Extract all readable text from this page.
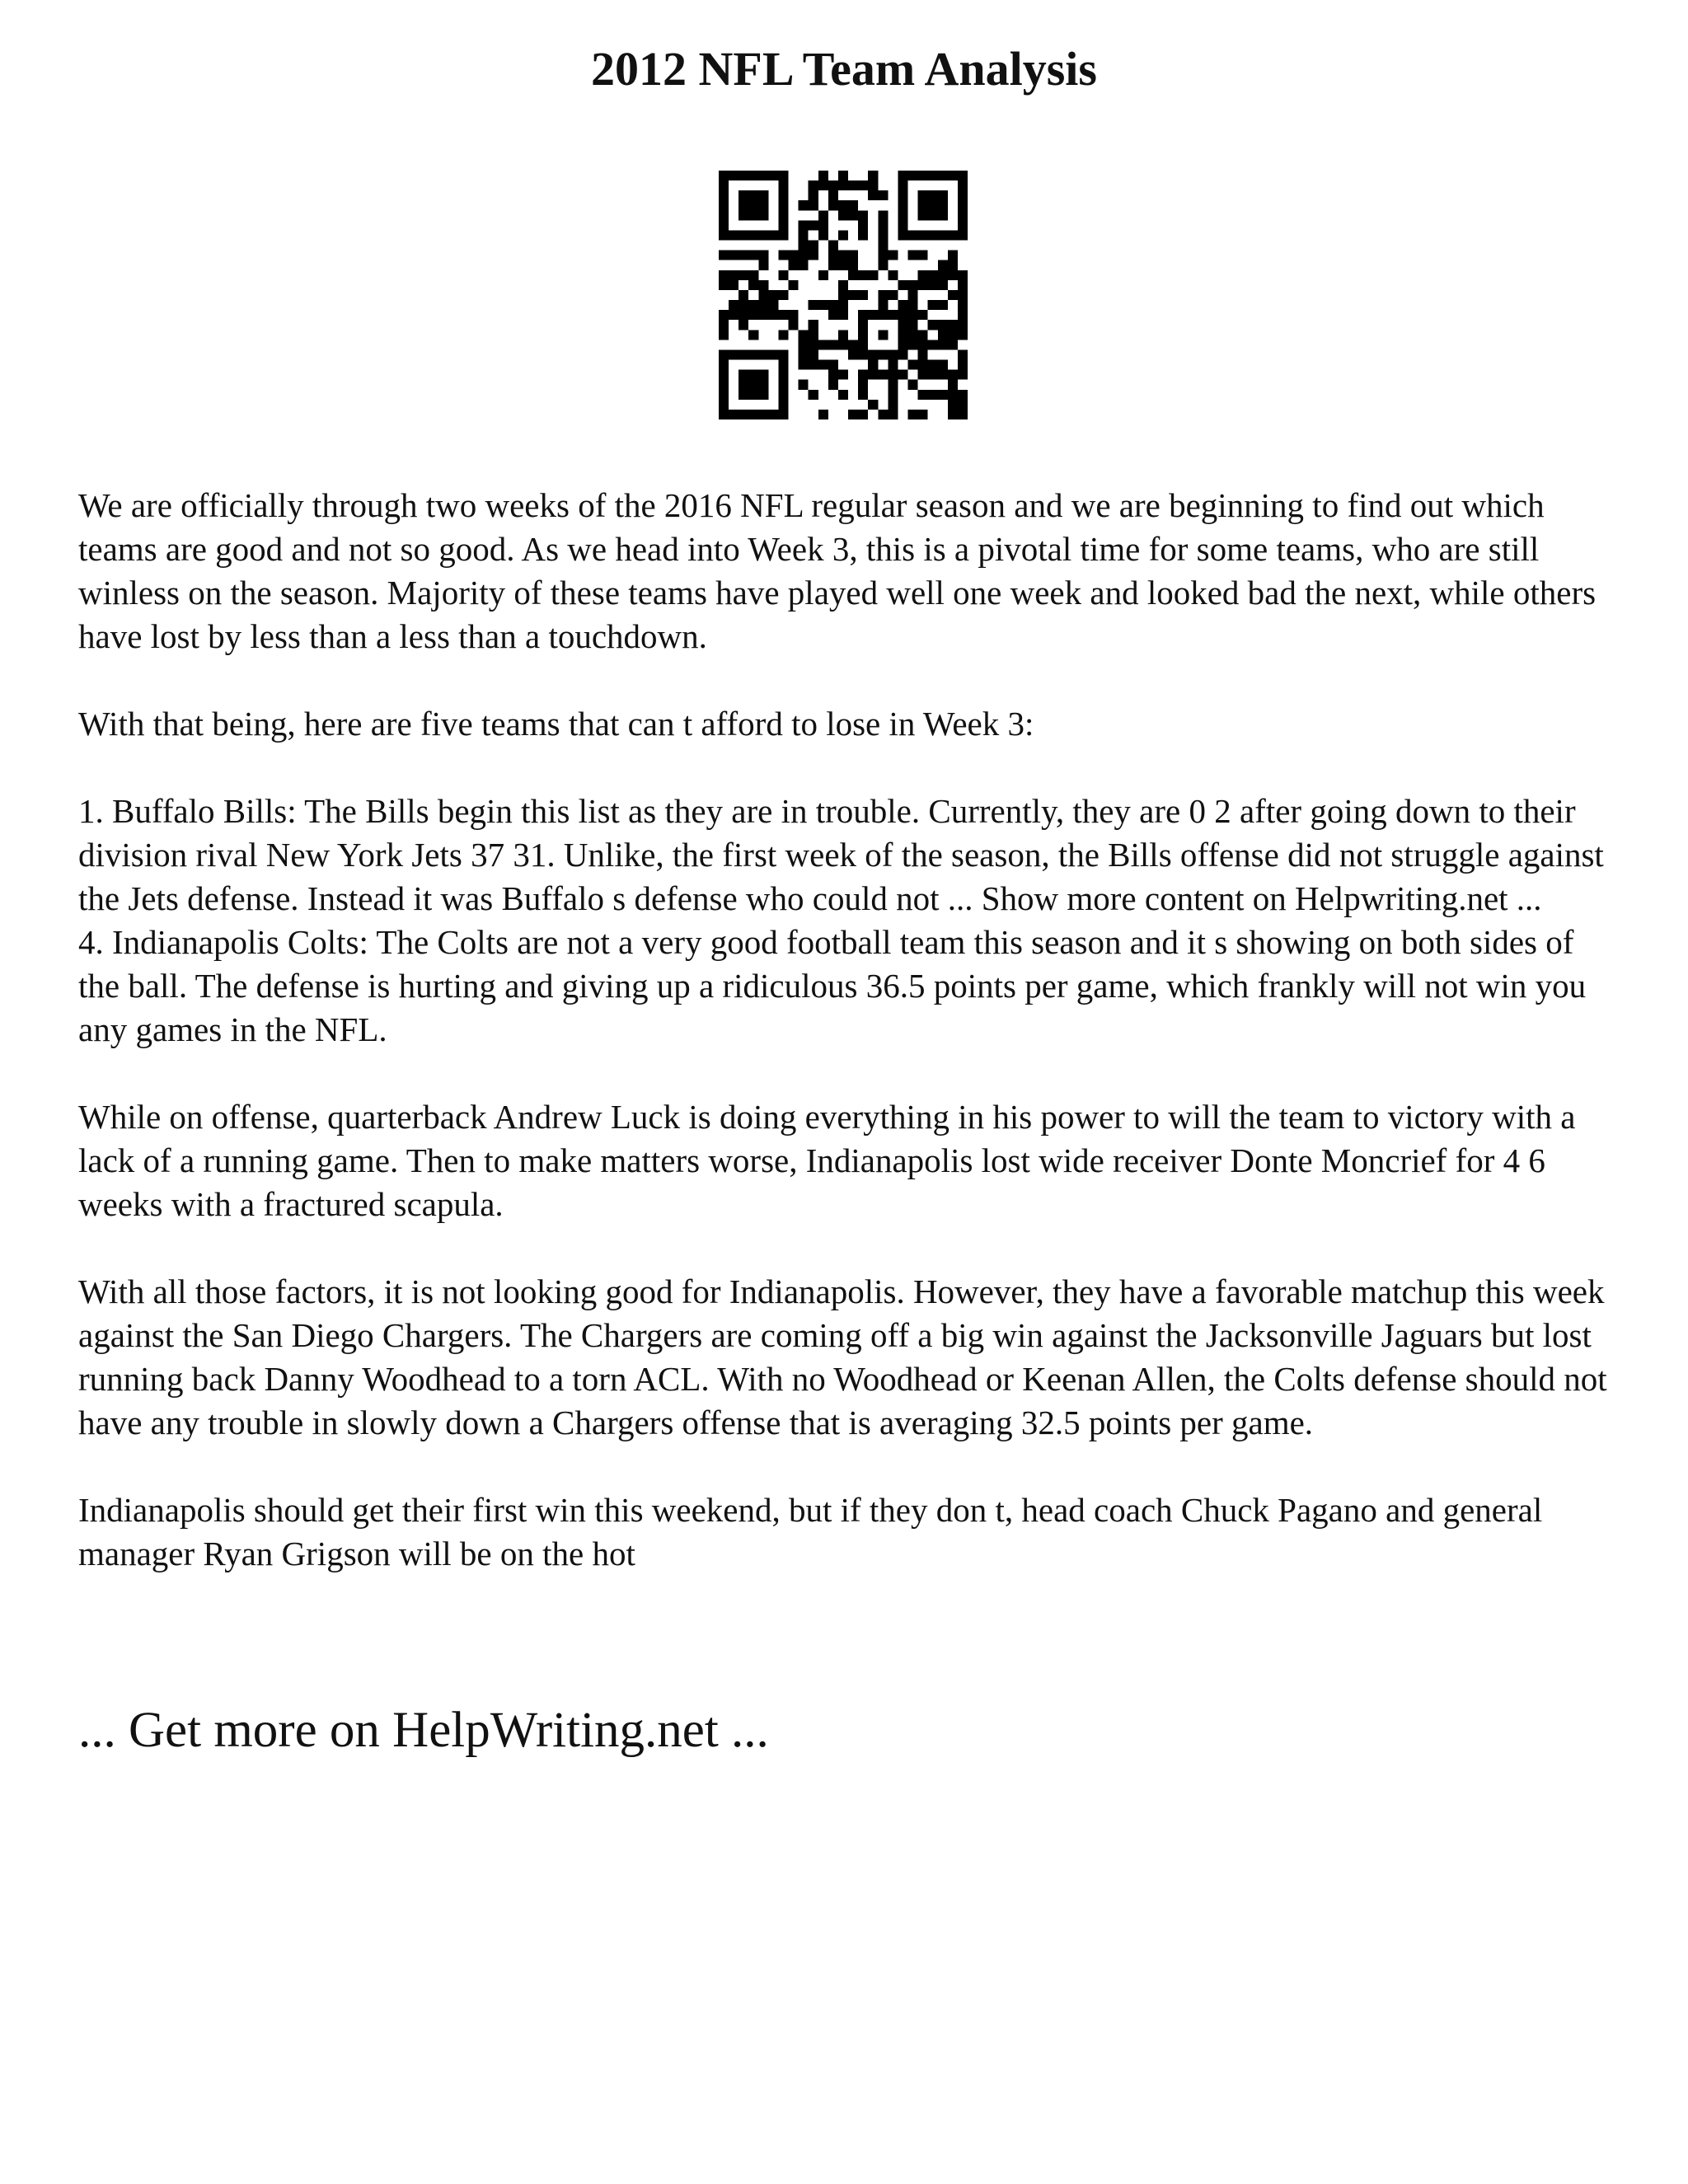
2012 NFL Team Analysis

We are officially through two weeks of the 2016 NFL regular season and we are beginning to find out which teams are good and not so good. As we head into Week 3, this is a pivotal time for some teams, who are still winless on the season. Majority of these teams have played well one week and looked bad the next, while others have lost by less than a less than a touchdown.

With that being, here are five teams that can t afford to lose in Week 3:

1. Buffalo Bills: The Bills begin this list as they are in trouble. Currently, they are 0 2 after going down to their division rival New York Jets 37 31. Unlike, the first week of the season, the Bills offense did not struggle against the Jets defense. Instead it was Buffalo s defense who could not ... Show more content on Helpwriting.net ...

4. Indianapolis Colts: The Colts are not a very good football team this season and it s showing on both sides of the ball. The defense is hurting and giving up a ridiculous 36.5 points per game, which frankly will not win you any games in the NFL.

While on offense, quarterback Andrew Luck is doing everything in his power to will the team to victory with a lack of a running game. Then to make matters worse, Indianapolis lost wide receiver Donte Moncrief for 4 6 weeks with a fractured scapula.

With all those factors, it is not looking good for Indianapolis. However, they have a favorable matchup this week against the San Diego Chargers. The Chargers are coming off a big win against the Jacksonville Jaguars but lost running back Danny Woodhead to a torn ACL. With no Woodhead or Keenan Allen, the Colts defense should not have any trouble in slowly down a Chargers offense that is averaging 32.5 points per game.

Indianapolis should get their first win this weekend, but if they don t, head coach Chuck Pagano and general manager Ryan Grigson will be on the hot

... Get more on HelpWriting.net ...
